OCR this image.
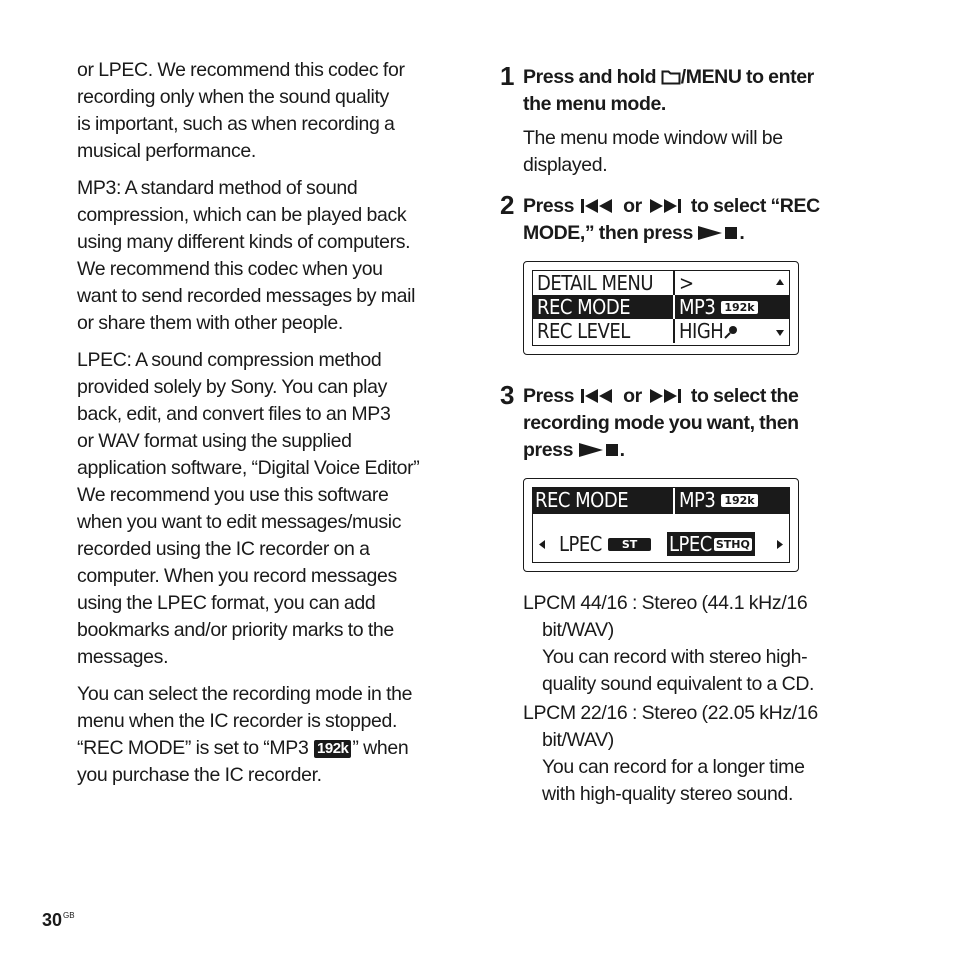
or LPEC. We recommend this codec for
recording only when the sound quality
is important, such as when recording a
musical performance.

MP3: A standard method of sound
compression, which can be played back
using many different kinds of computers.
We recommend this codec when you
want to send recorded messages by mail
or share them with other people.

LPEC: A sound compression method
provided solely by Sony. You can play
back, edit, and convert files to an MP3
or WAV format using the supplied
application software, “Digital Voice Editor”
We recommend you use this software
when you want to edit messages/music
recorded using the IC recorder on a
computer. When you record messages
using the LPEC format, you can add
bookmarks and/or priority marks to the
messages.

You can select the recording mode in the
menu when the IC recorder is stopped.
“REC MODE” is set to “MP3 192k ” when
you purchase the IC recorder.

1 Press and hold /MENU to enter
the menu mode.

The menu mode window will be
displayed.

2 Press  or  to select “REC
MODE,” then press .

DETAIL MENU >
REC MODE MP3 192k
REC LEVEL HIGH
3 Press  or  to select the
recording mode you want, then
press .

REC MODE	MP3 192k
LPEC ST	LPEC STHQ
LPCM 44/16 : Stereo (44.1 kHz/16
bit/WAV)
You can record with stereo high-
quality sound equivalent to a CD.
LPCM 22/16 : Stereo (22.05 kHz/16
bit/WAV)
You can record for a longer time
with high-quality stereo sound.
$30^{GB}$
